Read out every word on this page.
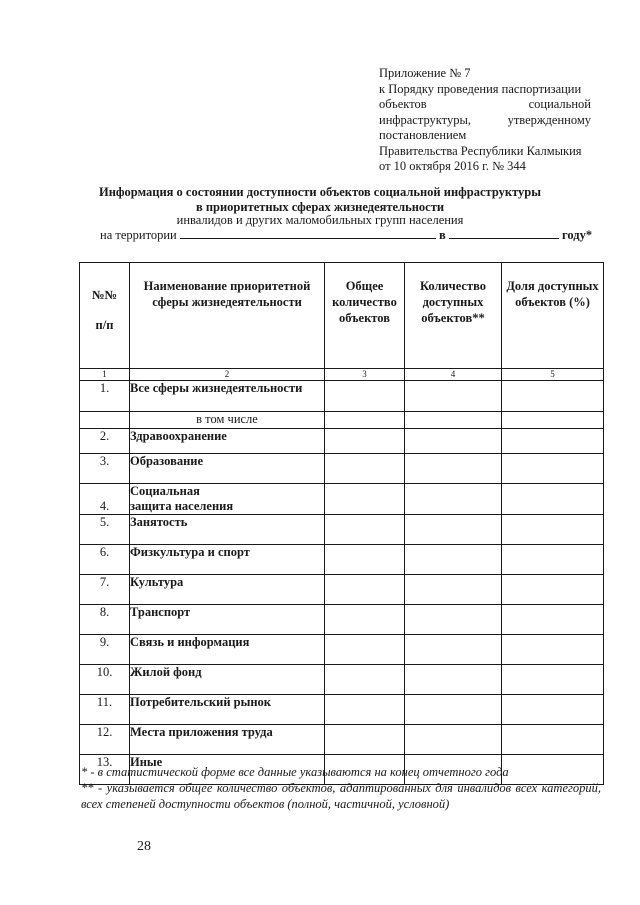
Приложение № 7
к Порядку проведения паспортизации
объектов	социальной
инфраструктуры,	утвержденному
постановлением
Правительства Республики Калмыкия
от 10 октября 2016 г. № 344
Информация о состоянии доступности объектов социальной инфраструктуры
в приоритетных сферах жизнедеятельности
инвалидов и других маломобильных групп населения
на территории	в	году*
№№
п/п	Наименование приоритетной сферы жизнедеятельности	Общее количество объектов	Количество доступных объектов**	Доля доступных объектов (%)
1	2	3	4	5
1.	Все сферы жизнедеятельности			
	в том числе			
2.	Здравоохранение			
3.	Образование			
4.	Социальная защита населения			
5.	Занятость			
6.	Физкультура и спорт			
7.	Культура			
8.	Транспорт			
9.	Связь и информация			
10.	Жилой фонд			
11.	Потребительский рынок			
12.	Места приложения труда			
13.	Иные			
* - в статистической форме все данные указываются на конец отчетного года
** - указывается общее количество объектов, адаптированных для инвалидов всех категорий, всех степеней доступности объектов (полной, частичной, условной)
28
